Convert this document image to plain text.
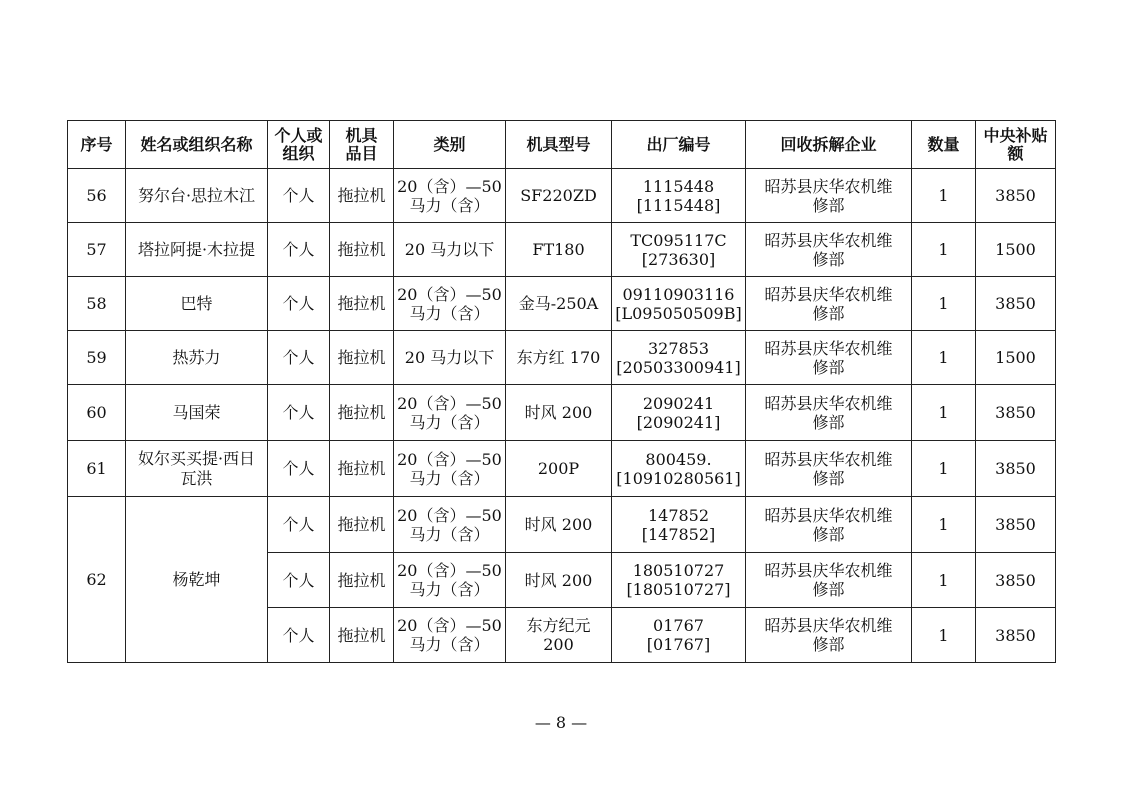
序号	姓名或组织名称	个人或
组织	机具
品目	类别	机具型号	出厂编号	回收拆解企业	数量	中央补贴
额

56	努尔台·思拉木江	个人	拖拉机	20（含）—50
马力（含）	SF220ZD	1115448
[1115448]	昭苏县庆华农机维
修部	1	3850
57	塔拉阿提·木拉提	个人	拖拉机	20 马力以下	FT180	TC095117C
[273630]	昭苏县庆华农机维
修部	1	1500
58	巴特	个人	拖拉机	20（含）—50
马力（含）	金马-250A	09110903116
[L095050509B]	昭苏县庆华农机维
修部	1	3850
59	热苏力	个人	拖拉机	20 马力以下	东方红 170	327853
[20503300941]	昭苏县庆华农机维
修部	1	1500
60	马国荣	个人	拖拉机	20（含）—50
马力（含）	时风 200	2090241
[2090241]	昭苏县庆华农机维
修部	1	3850
61	奴尔买买提·西日
瓦洪	个人	拖拉机	20（含）—50
马力（含）	200P	800459.
[10910280561]	昭苏县庆华农机维
修部	1	3850
62	杨乾坤	个人	拖拉机	20（含）—50
马力（含）	时风 200	147852
[147852]	昭苏县庆华农机维
修部	1	3850
		个人	拖拉机	20（含）—50
马力（含）	时风 200	180510727
[180510727]	昭苏县庆华农机维
修部	1	3850
		个人	拖拉机	20（含）—50
马力（含）	东方纪元
200	01767
[01767]	昭苏县庆华农机维
修部	1	3850
— 8 —
